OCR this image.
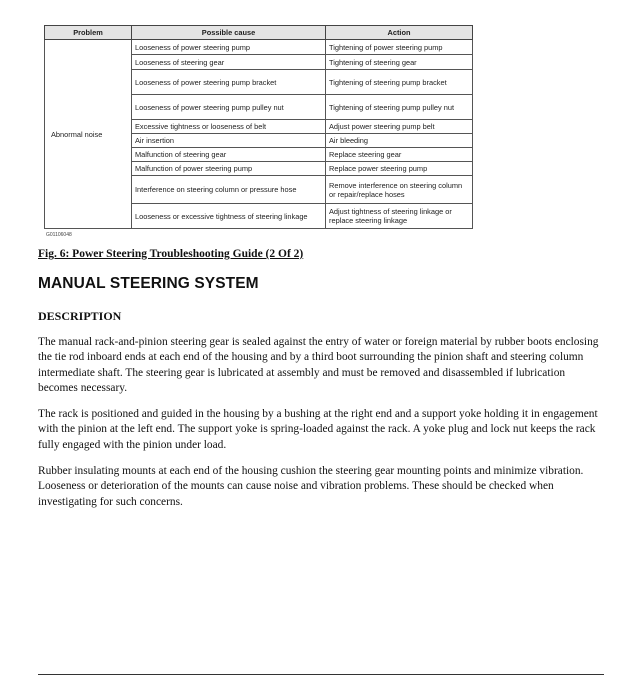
Problem	Possible cause	Action
Abnormal noise	Looseness of power steering pump	Tightening of power steering pump
	Looseness of steering gear	Tightening of steering gear
	Looseness of power steering pump bracket	Tightening of steering pump bracket
	Looseness of power steering pump pulley nut	Tightening of steering pump pulley nut
	Excessive tightness or looseness of belt	Adjust power steering pump belt
	Air insertion	Air bleeding
	Malfunction of steering gear	Replace steering gear
	Malfunction of power steering pump	Replace power steering pump
	Interference on steering column or pressure hose	Remove interference on steering column or repair/replace hoses
	Looseness or excessive tightness of steering linkage	Adjust tightness of steering linkage or replace steering linkage
G01106048
Fig. 6: Power Steering Troubleshooting Guide (2 Of 2)
MANUAL STEERING SYSTEM
DESCRIPTION

The manual rack-and-pinion steering gear is sealed against the entry of water or foreign material by rubber boots enclosing the tie rod inboard ends at each end of the housing and by a third boot surrounding the pinion shaft and steering column intermediate shaft. The steering gear is lubricated at assembly and must be removed and disassembled if lubrication becomes necessary.

The rack is positioned and guided in the housing by a bushing at the right end and a support yoke holding it in engagement with the pinion at the left end. The support yoke is spring-loaded against the rack. A yoke plug and lock nut keeps the rack fully engaged with the pinion under load.

Rubber insulating mounts at each end of the housing cushion the steering gear mounting points and minimize vibration. Looseness or deterioration of the mounts can cause noise and vibration problems. These should be checked when investigating for such concerns.
